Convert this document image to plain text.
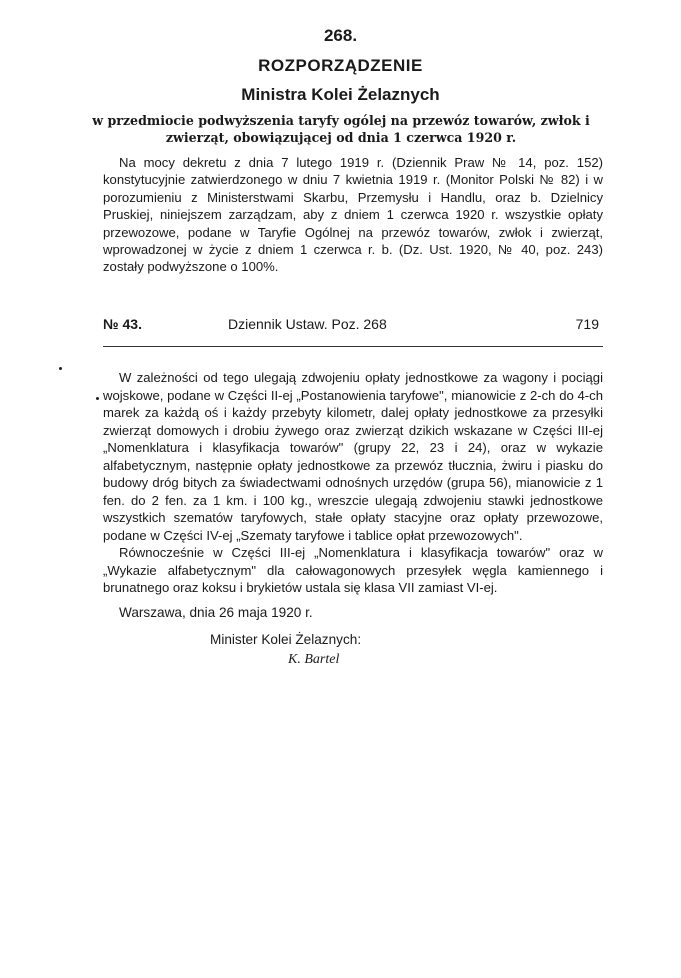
268.
ROZPORZĄDZENIE
Ministra Kolei Żelaznych
w przedmiocie podwyższenia taryfy ogólej na przewóz towarów, zwłok i zwierząt, obowiązującej od dnia 1 czerwca 1920 r.
Na mocy dekretu z dnia 7 lutego 1919 r. (Dziennik Praw № 14, poz. 152) konstytucyjnie zatwierdzonego w dniu 7 kwietnia 1919 r. (Monitor Polski № 82) i w porozumieniu z Ministerstwami Skarbu, Przemysłu i Handlu, oraz b. Dzielnicy Pruskiej, niniejszem zarządzam, aby z dniem 1 czerwca 1920 r. wszystkie opłaty przewozowe, podane w Taryfie Ogólnej na przewóz towarów, zwłok i zwierząt, wprowadzonej w życie z dniem 1 czerwca r. b. (Dz. Ust. 1920, № 40, poz. 243) zostały podwyższone o 100%.
№ 43.	Dziennik Ustaw. Poz. 268	719

W zależności od tego ulegają zdwojeniu opłaty jednostkowe za wagony i pociągi wojskowe, podane w Części II-ej „Postanowienia taryfowe", mianowicie z 2-ch do 4-ch marek za każdą oś i każdy przebyty kilometr, dalej opłaty jednostkowe za przesyłki zwierząt domowych i drobiu żywego oraz zwierząt dzikich wskazane w Części III-ej „Nomenklatura i klasyfikacja towarów" (grupy 22, 23 i 24), oraz w wykazie alfabetycznym, następnie opłaty jednostkowe za przewóz tłucznia, żwiru i piasku do budowy dróg bitych za świadectwami odnośnych urzędów (grupa 56), mianowicie z 1 fen. do 2 fen. za 1 km. i 100 kg., wreszcie ulegają zdwojeniu stawki jednostkowe wszystkich szematów taryfowych, stałe opłaty stacyjne oraz opłaty przewozowe, podane w Części IV-ej „Szematy taryfowe i tablice opłat przewozowych".

Równocześnie w Części III-ej „Nomenklatura i klasyfikacja towarów" oraz w „Wykazie alfabetycznym" dla całowagonowych przesyłek węgla kamiennego i brunatnego oraz koksu i brykietów ustala się klasa VII zamiast VI-ej.

Warszawa, dnia 26 maja 1920 r.
Minister Kolei Żelaznych:
K. Bartel
